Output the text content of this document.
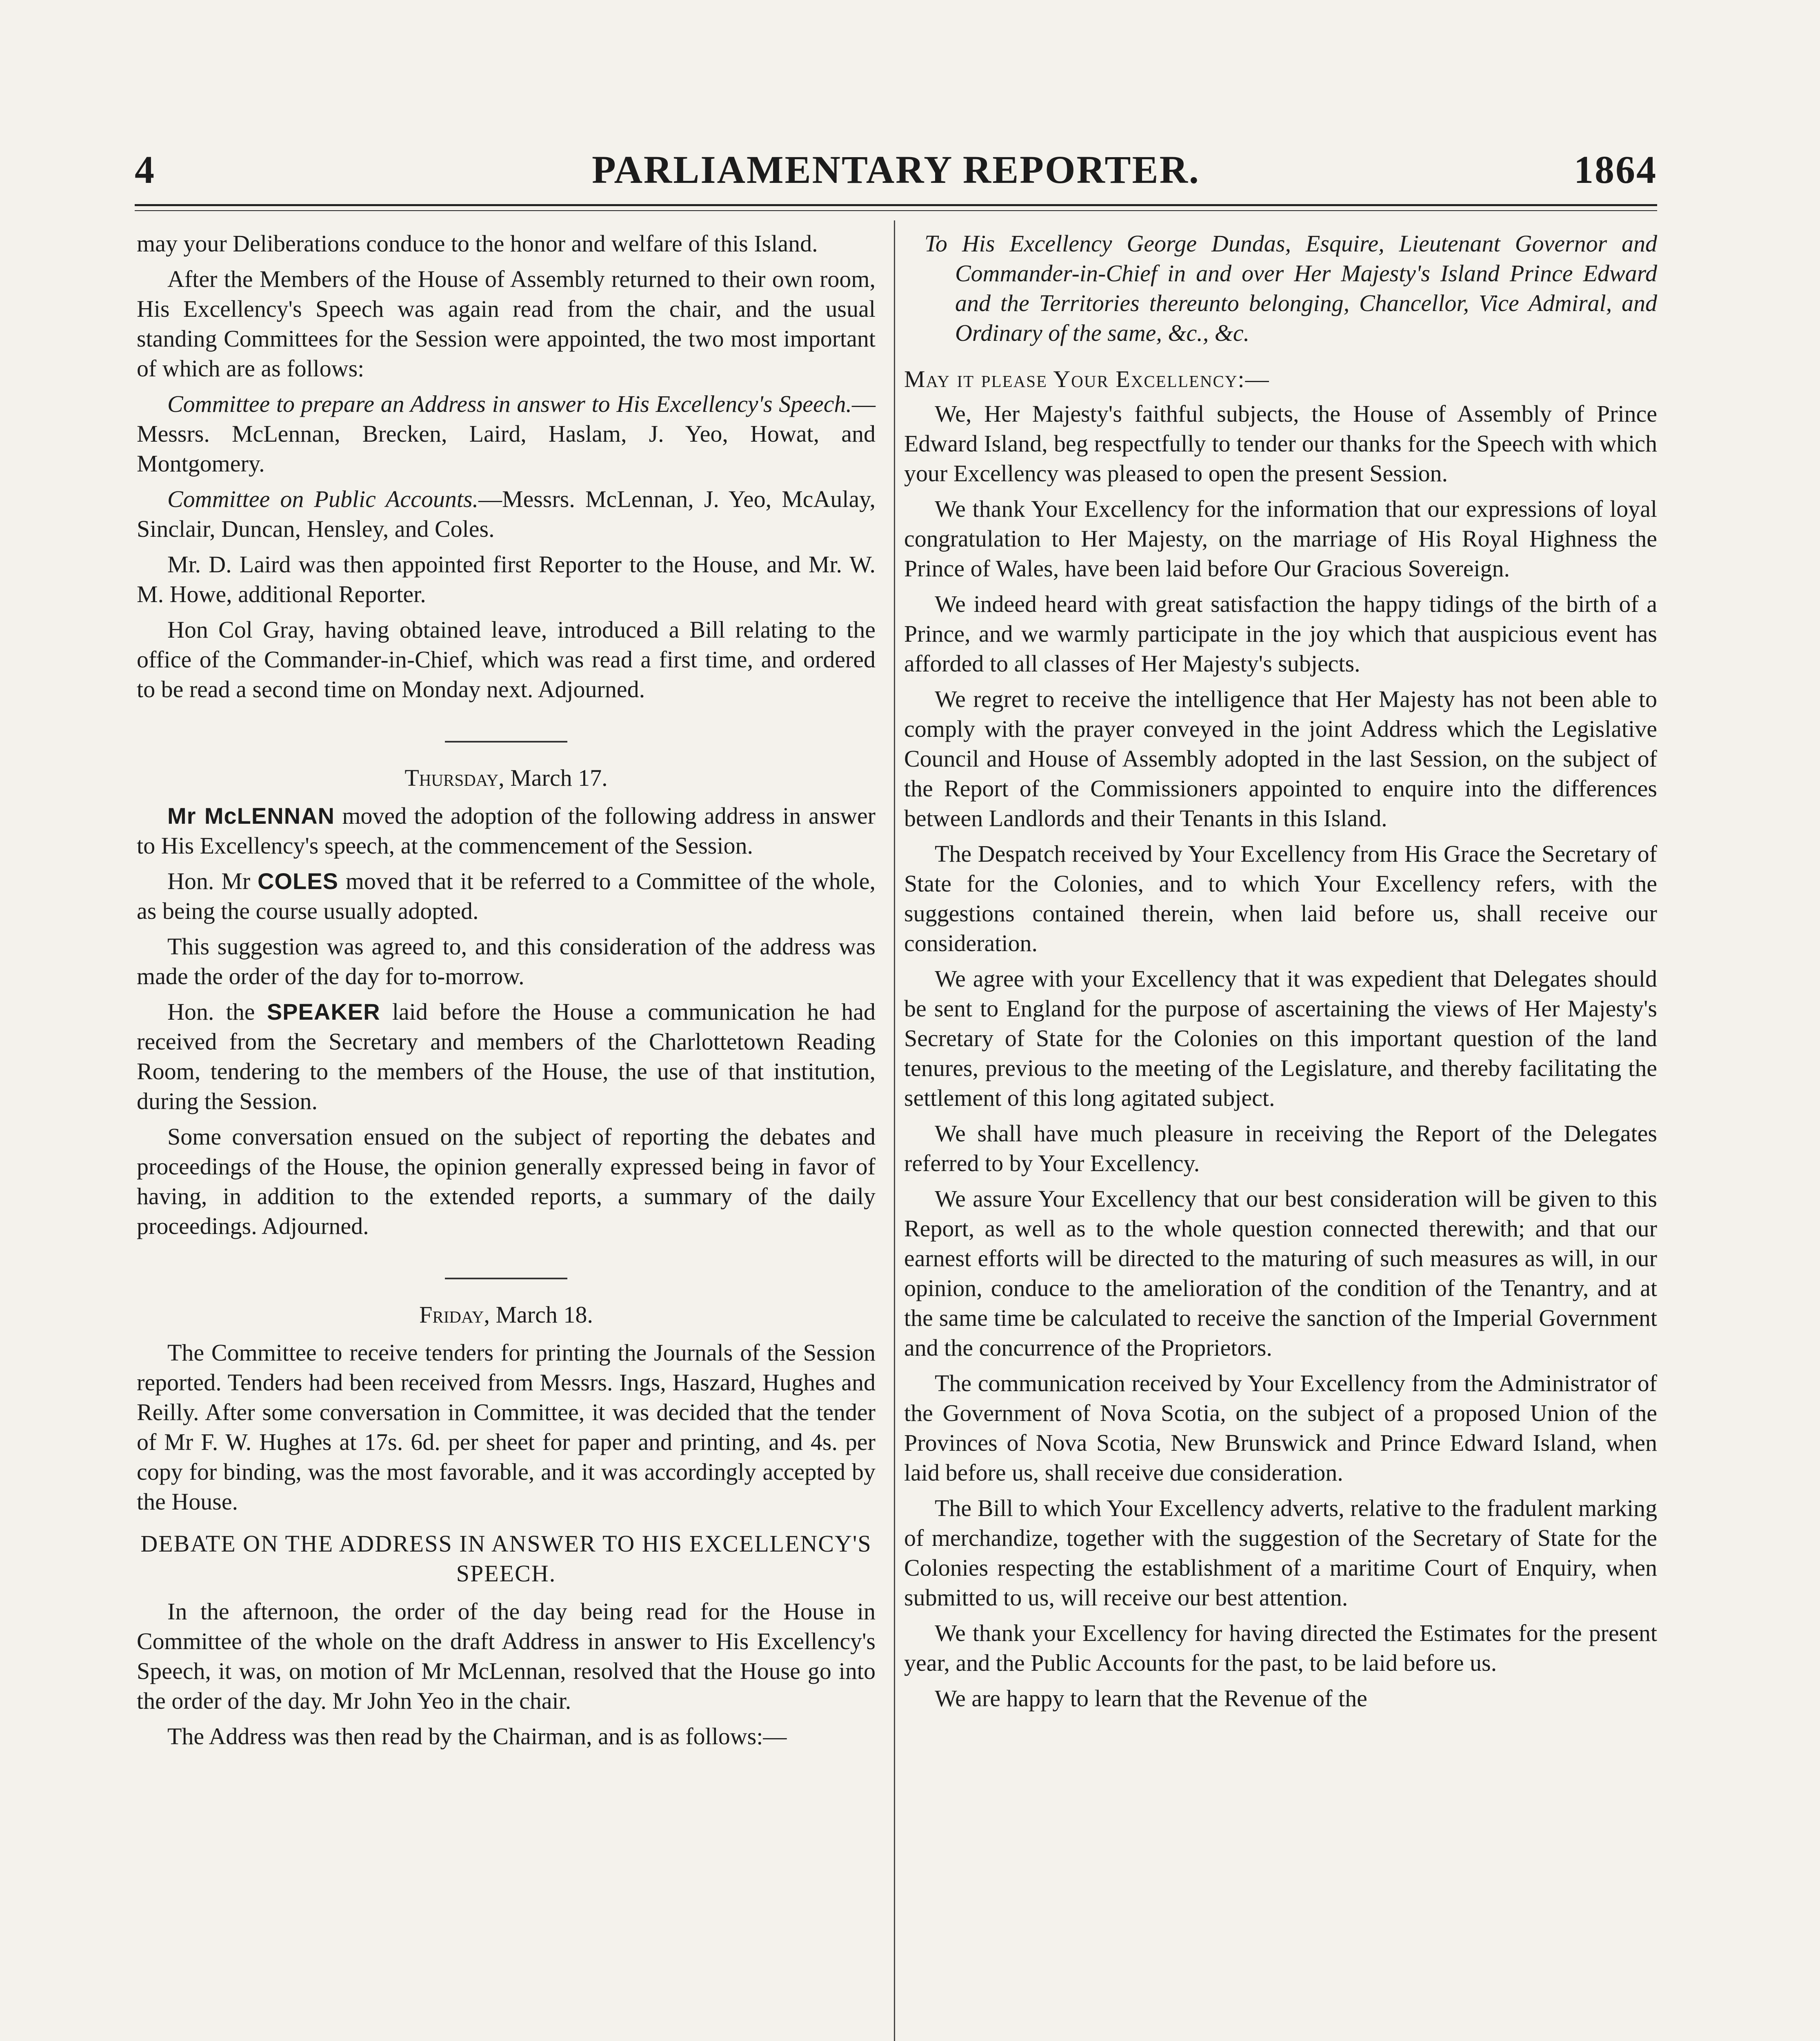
4	PARLIAMENTARY REPORTER.	1864

may your Deliberations conduce to the honor and welfare of this Island.

After the Members of the House of Assembly returned to their own room, His Excellency's Speech was again read from the chair, and the usual standing Committees for the Session were appointed, the two most important of which are as follows:

Committee to prepare an Address in answer to His Excellency's Speech.—Messrs. McLennan, Brecken, Laird, Haslam, J. Yeo, Howat, and Montgomery.

Committee on Public Accounts.—Messrs. McLennan, J. Yeo, McAulay, Sinclair, Duncan, Hensley, and Coles.

Mr. D. Laird was then appointed first Reporter to the House, and Mr. W. M. Howe, additional Reporter.

Hon Col Gray, having obtained leave, introduced a Bill relating to the office of the Commander-in-Chief, which was read a first time, and ordered to be read a second time on Monday next. Adjourned.

Thursday, March 17.

Mr McLENNAN moved the adoption of the following address in answer to His Excellency's speech, at the commencement of the Session.

Hon. Mr COLES moved that it be referred to a Committee of the whole, as being the course usually adopted.

This suggestion was agreed to, and this consideration of the address was made the order of the day for to-morrow.

Hon. the SPEAKER laid before the House a communication he had received from the Secretary and members of the Charlottetown Reading Room, tendering to the members of the House, the use of that institution, during the Session.

Some conversation ensued on the subject of reporting the debates and proceedings of the House, the opinion generally expressed being in favor of having, in addition to the extended reports, a summary of the daily proceedings. Adjourned.

Friday, March 18.

The Committee to receive tenders for printing the Journals of the Session reported. Tenders had been received from Messrs. Ings, Haszard, Hughes and Reilly. After some conversation in Committee, it was decided that the tender of Mr F. W. Hughes at 17s. 6d. per sheet for paper and printing, and 4s. per copy for binding, was the most favorable, and it was accordingly accepted by the House.

DEBATE ON THE ADDRESS IN ANSWER TO HIS EXCELLENCY'S SPEECH.

In the afternoon, the order of the day being read for the House in Committee of the whole on the draft Address in answer to His Excellency's Speech, it was, on motion of Mr McLennan, resolved that the House go into the order of the day. Mr John Yeo in the chair.

The Address was then read by the Chairman, and is as follows:—

To His Excellency George Dundas, Esquire, Lieutenant Governor and Commander-in-Chief in and over Her Majesty's Island Prince Edward and the Territories thereunto belonging, Chancellor, Vice Admiral, and Ordinary of the same, &c., &c.

May it please Your Excellency:—

We, Her Majesty's faithful subjects, the House of Assembly of Prince Edward Island, beg respectfully to tender our thanks for the Speech with which your Excellency was pleased to open the present Session.

We thank Your Excellency for the information that our expressions of loyal congratulation to Her Majesty, on the marriage of His Royal Highness the Prince of Wales, have been laid before Our Gracious Sovereign.

We indeed heard with great satisfaction the happy tidings of the birth of a Prince, and we warmly participate in the joy which that auspicious event has afforded to all classes of Her Majesty's subjects.

We regret to receive the intelligence that Her Majesty has not been able to comply with the prayer conveyed in the joint Address which the Legislative Council and House of Assembly adopted in the last Session, on the subject of the Report of the Commissioners appointed to enquire into the differences between Landlords and their Tenants in this Island.

The Despatch received by Your Excellency from His Grace the Secretary of State for the Colonies, and to which Your Excellency refers, with the suggestions contained therein, when laid before us, shall receive our consideration.

We agree with your Excellency that it was expedient that Delegates should be sent to England for the purpose of ascertaining the views of Her Majesty's Secretary of State for the Colonies on this important question of the land tenures, previous to the meeting of the Legislature, and thereby facilitating the settlement of this long agitated subject.

We shall have much pleasure in receiving the Report of the Delegates referred to by Your Excellency.

We assure Your Excellency that our best consideration will be given to this Report, as well as to the whole question connected therewith; and that our earnest efforts will be directed to the maturing of such measures as will, in our opinion, conduce to the amelioration of the condition of the Tenantry, and at the same time be calculated to receive the sanction of the Imperial Government and the concurrence of the Proprietors.

The communication received by Your Excellency from the Administrator of the Government of Nova Scotia, on the subject of a proposed Union of the Provinces of Nova Scotia, New Brunswick and Prince Edward Island, when laid before us, shall receive due consideration.

The Bill to which Your Excellency adverts, relative to the fradulent marking of merchandize, together with the suggestion of the Secretary of State for the Colonies respecting the establishment of a maritime Court of Enquiry, when submitted to us, will receive our best attention.

We thank your Excellency for having directed the Estimates for the present year, and the Public Accounts for the past, to be laid before us.

We are happy to learn that the Revenue of the
